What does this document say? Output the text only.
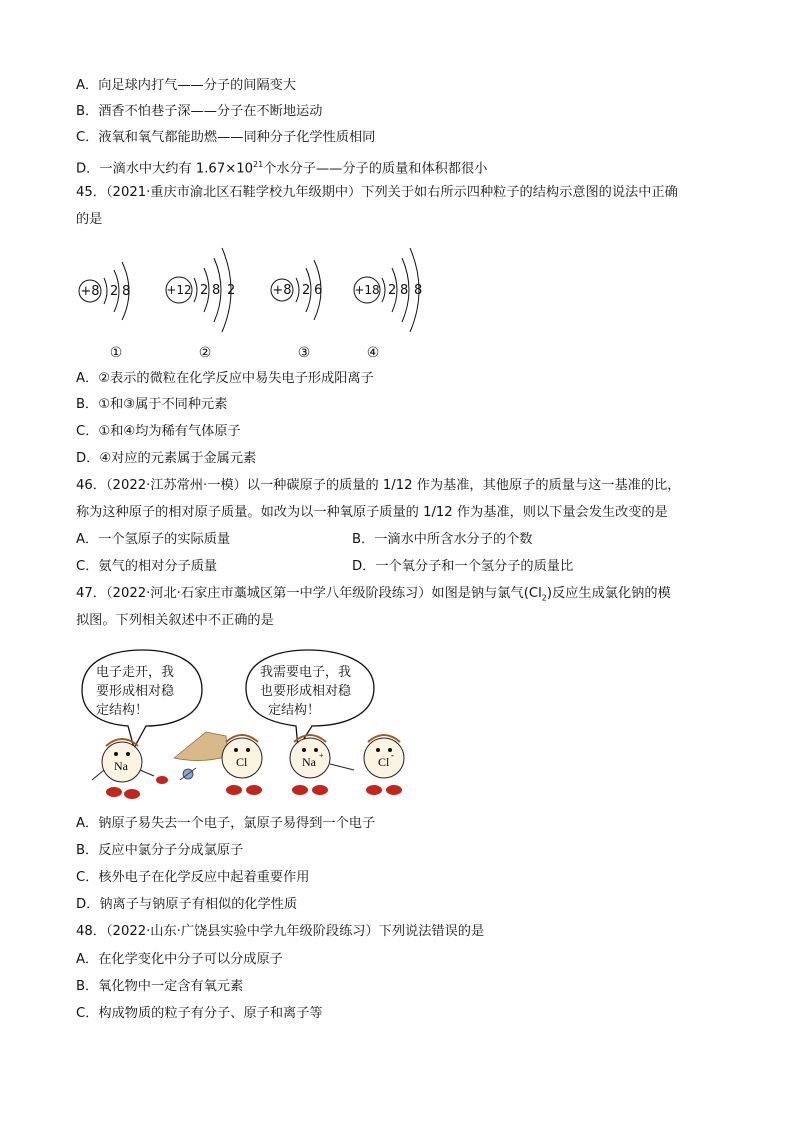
A．向足球内打气——分子的间隔变大
B．酒香不怕巷子深——分子在不断地运动
C．液氧和氧气都能助燃——同种分子化学性质相同
D．一滴水中大约有 $1.67\times 10^{21}$个水分子——分子的质量和体积都很小
45．（2021·重庆市渝北区石鞋学校九年级期中）下列关于如右所示四种粒子的结构示意图的说法中正确
的是
+8 2 8	+12 2 8 2	+8 2 6	+18 2 8 8
①	②	③	④
A．②表示的微粒在化学反应中易失电子形成阳离子
B．①和③属于不同种元素
C．①和④均为稀有气体原子
D．④对应的元素属于金属元素
46．（2022·江苏常州·一模）以一种碳原子的质量的 1/12 作为基准，其他原子的质量与这一基准的比，
称为这种原子的相对原子质量。如改为以一种氧原子质量的 1/12 作为基准，则以下量会发生改变的是
A．一个氢原子的实际质量	B．一滴水中所含水分子的个数
C．氨气的相对分子质量	D．一个氧分子和一个氢分子的质量比
47．（2022·河北·石家庄市藁城区第一中学八年级阶段练习）如图是钠与氯气$(Cl_2)$反应生成氯化钠的模
拟图。下列相关叙述中不正确的是
电子走开，我
要形成相对稳
定结构！
我需要电子，我
也要形成相对稳
定结构！
Na	Cl	Na +	Cl -
A．钠原子易失去一个电子，氯原子易得到一个电子
B．反应中氯分子分成氯原子
C．核外电子在化学反应中起着重要作用
D．钠离子与钠原子有相似的化学性质
48．（2022·山东·广饶县实验中学九年级阶段练习）下列说法错误的是
A．在化学变化中分子可以分成原子
B．氧化物中一定含有氧元素
C．构成物质的粒子有分子、原子和离子等
